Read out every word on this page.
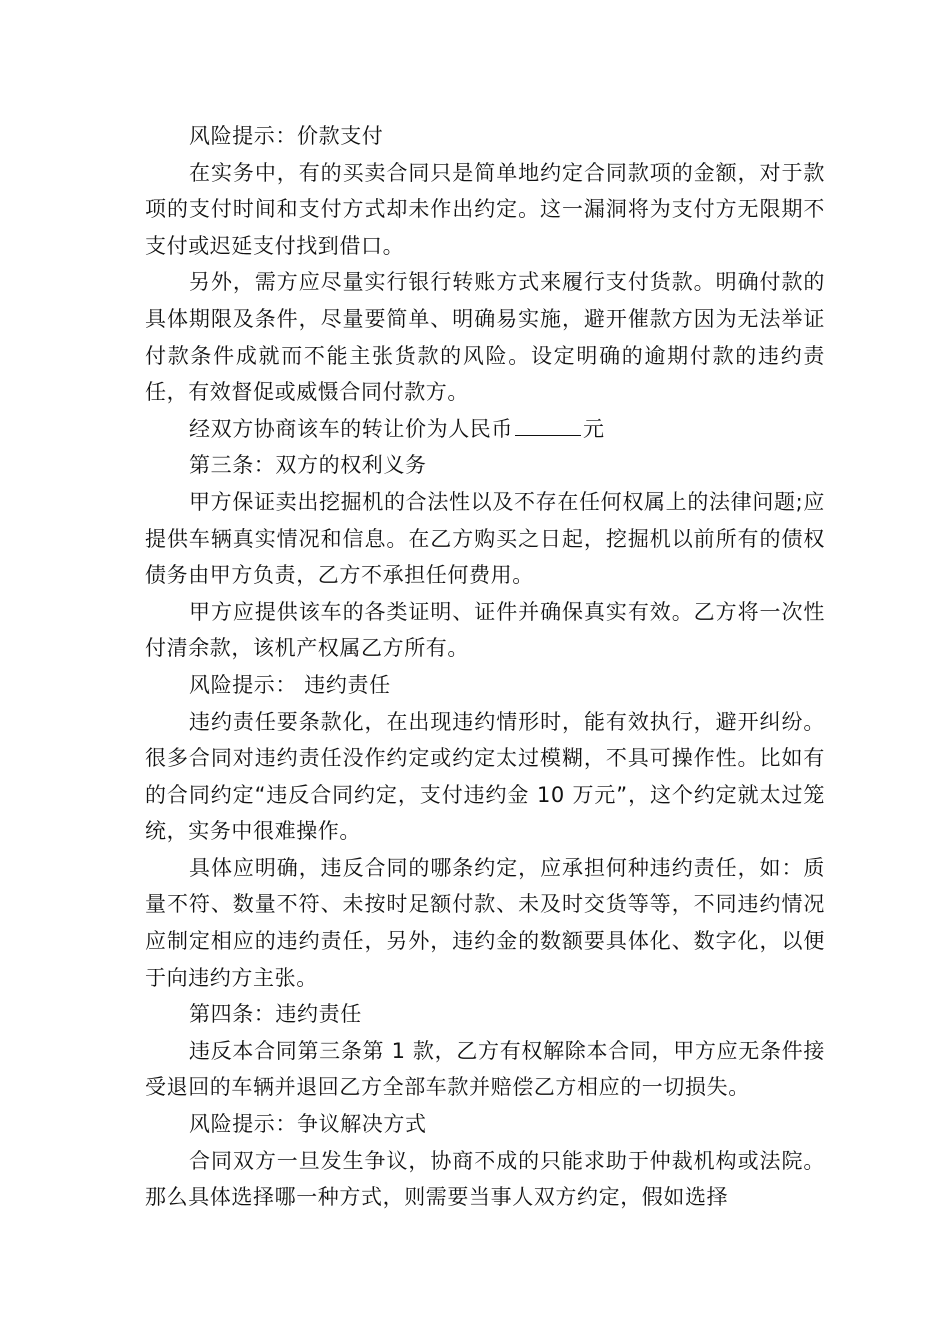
风险提示：价款支付

在实务中，有的买卖合同只是简单地约定合同款项的金额，对于款项的支付时间和支付方式却未作出约定。这一漏洞将为支付方无限期不支付或迟延支付找到借口。

另外，需方应尽量实行银行转账方式来履行支付货款。明确付款的具体期限及条件，尽量要简单、明确易实施，避开催款方因为无法举证付款条件成就而不能主张货款的风险。设定明确的逾期付款的违约责任，有效督促或威慑合同付款方。

经双方协商该车的转让价为人民币	元

第三条：双方的权利义务

甲方保证卖出挖掘机的合法性以及不存在任何权属上的法律问题;应提供车辆真实情况和信息。在乙方购买之日起，挖掘机以前所有的债权债务由甲方负责，乙方不承担任何费用。

甲方应提供该车的各类证明、证件并确保真实有效。乙方将一次性付清余款，该机产权属乙方所有。

风险提示： 违约责任

违约责任要条款化，在出现违约情形时，能有效执行，避开纠纷。很多合同对违约责任没作约定或约定太过模糊，不具可操作性。比如有的合同约定“违反合同约定，支付违约金 10 万元”，这个约定就太过笼统，实务中很难操作。

具体应明确，违反合同的哪条约定，应承担何种违约责任，如：质量不符、数量不符、未按时足额付款、未及时交货等等，不同违约情况应制定相应的违约责任，另外，违约金的数额要具体化、数字化，以便于向违约方主张。

第四条：违约责任

违反本合同第三条第 1 款，乙方有权解除本合同，甲方应无条件接受退回的车辆并退回乙方全部车款并赔偿乙方相应的一切损失。

风险提示：争议解决方式

合同双方一旦发生争议，协商不成的只能求助于仲裁机构或法院。那么具体选择哪一种方式，则需要当事人双方约定，假如选择
